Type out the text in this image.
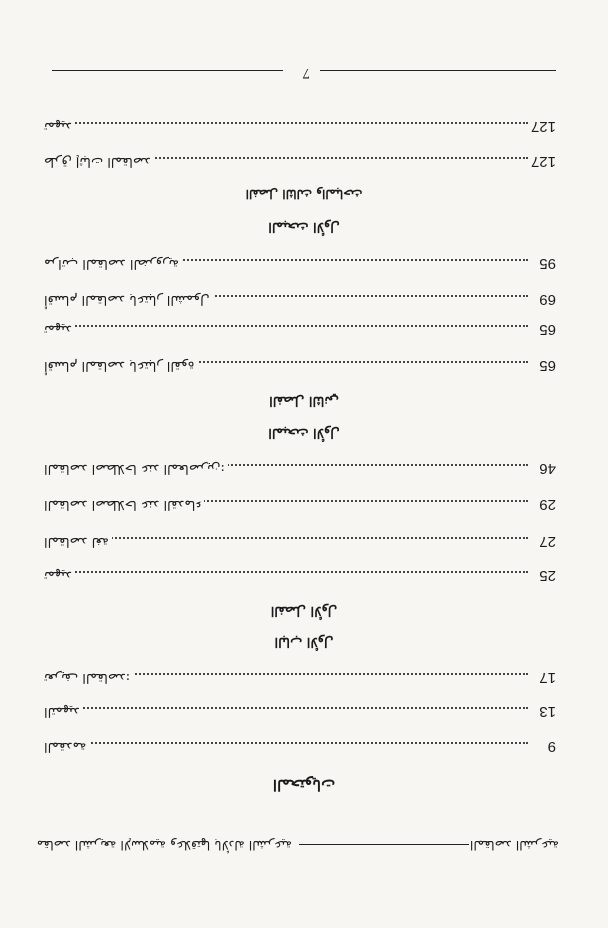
المقاصد الشرعية
مقاصد الشريعة الإسلامية وعلاقتها بالأدلة الشرعية
المحتويات
9
المقدمة
13
التمهيد
17
تعريف المقاصد:
الباب الأول
الفصل الأول
25
تمهيد
27
المقاصد لغة
29
المقاصد اصطلاحا عند القدماء
46
المقاصد اصطلاحا عند المعاصرين:
المبحث الأول
الفصل الثاني
65
أقسام المقاصد باعتبار القوة
65
تمهيد
69
أقسام المقاصد باعتبار الشمول
95
مراتب المقاصد الضرورية
المبحث الأول
الفصل الثالث والمباحث
127
طرق إثبات المقاصد
127
تمهيد
7
